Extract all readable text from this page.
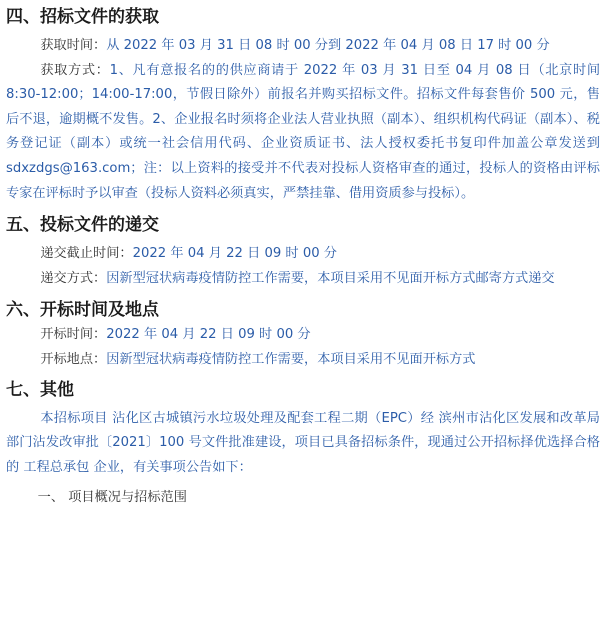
四、招标文件的获取

获取时间：从 2022 年 03 月 31 日 08 时 00 分到 2022 年 04 月 08 日 17 时 00 分

获取方式：1、凡有意报名的的供应商请于 2022 年 03 月 31 日至 04 月 08 日（北京时间 8:30-12:00；14:00-17:00，节假日除外）前报名并购买招标文件。招标文件每套售价 500 元，售后不退，逾期概不发售。2、企业报名时须将企业法人营业执照（副本）、组织机构代码证（副本）、税务登记证（副本）或统一社会信用代码、企业资质证书、法人授权委托书复印件加盖公章发送到 sdxzdgs@163.com；注：以上资料的接受并不代表对投标人资格审查的通过，投标人的资格由评标专家在评标时予以审查（投标人资料必须真实，严禁挂靠、借用资质参与投标）。

五、投标文件的递交

递交截止时间：2022 年 04 月 22 日 09 时 00 分

递交方式：因新型冠状病毒疫情防控工作需要，本项目采用不见面开标方式邮寄方式递交

六、开标时间及地点

开标时间：2022 年 04 月 22 日 09 时 00 分

开标地点：因新型冠状病毒疫情防控工作需要，本项目采用不见面开标方式

七、其他

本招标项目 沾化区古城镇污水垃圾处理及配套工程二期（EPC）经 滨州市沾化区发展和改革局部门沾发改审批〔2021〕100 号文件批准建设，项目已具备招标条件，现通过公开招标择优选择合格的 工程总承包 企业，有关事项公告如下：

一、 项目概况与招标范围
